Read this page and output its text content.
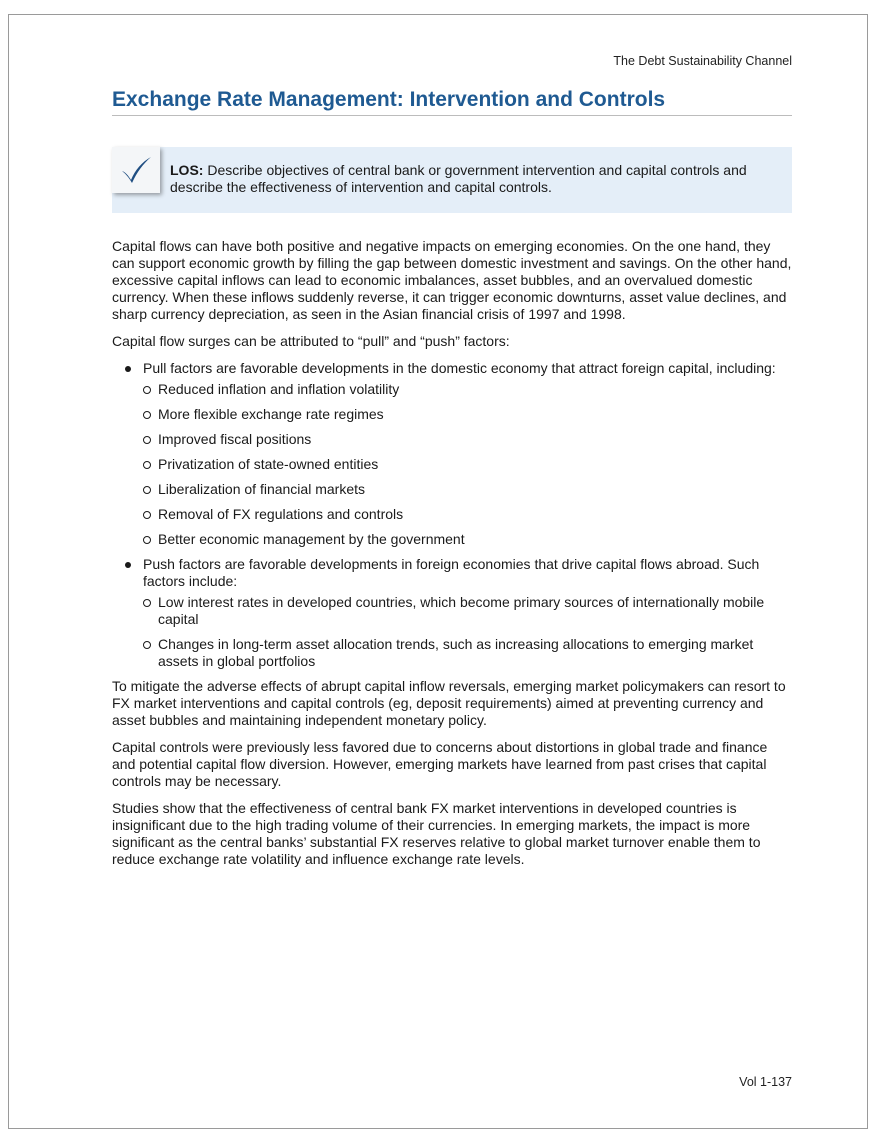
The Debt Sustainability Channel
Exchange Rate Management: Intervention and Controls
LOS: Describe objectives of central bank or government intervention and capital controls and describe the effectiveness of intervention and capital controls.

Capital flows can have both positive and negative impacts on emerging economies. On the one hand, they can support economic growth by filling the gap between domestic investment and savings. On the other hand, excessive capital inflows can lead to economic imbalances, asset bubbles, and an overvalued domestic currency. When these inflows suddenly reverse, it can trigger economic downturns, asset value declines, and sharp currency depreciation, as seen in the Asian financial crisis of 1997 and 1998.

Capital flow surges can be attributed to “pull” and “push” factors:

Pull factors are favorable developments in the domestic economy that attract foreign capital, including:
Reduced inflation and inflation volatility
More flexible exchange rate regimes
Improved fiscal positions
Privatization of state-owned entities
Liberalization of financial markets
Removal of FX regulations and controls
Better economic management by the government
Push factors are favorable developments in foreign economies that drive capital flows abroad. Such factors include:
Low interest rates in developed countries, which become primary sources of internationally mobile capital
Changes in long-term asset allocation trends, such as increasing allocations to emerging market assets in global portfolios

To mitigate the adverse effects of abrupt capital inflow reversals, emerging market policymakers can resort to FX market interventions and capital controls (eg, deposit requirements) aimed at preventing currency and asset bubbles and maintaining independent monetary policy.

Capital controls were previously less favored due to concerns about distortions in global trade and finance and potential capital flow diversion. However, emerging markets have learned from past crises that capital controls may be necessary.

Studies show that the effectiveness of central bank FX market interventions in developed countries is insignificant due to the high trading volume of their currencies. In emerging markets, the impact is more significant as the central banks’ substantial FX reserves relative to global market turnover enable them to reduce exchange rate volatility and influence exchange rate levels.

Vol 1-137
